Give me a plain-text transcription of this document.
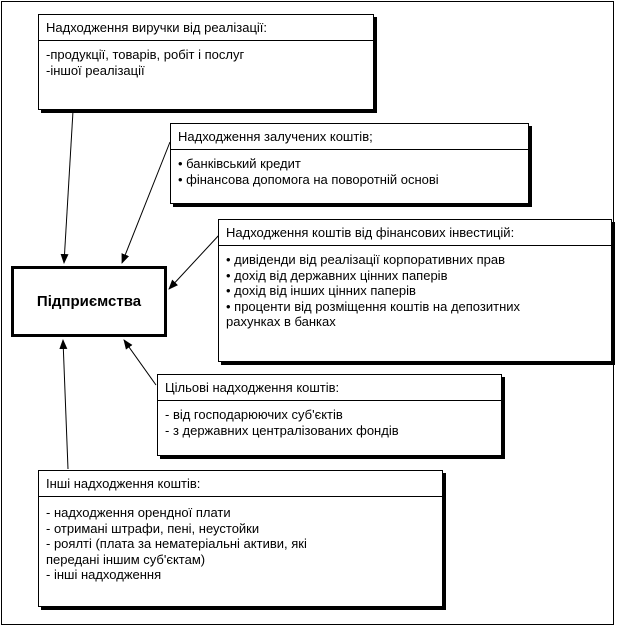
Підприємства
Надходження виручки від реалізації:
-продукції, товарів, робіт і послуг
-іншої реалізації
Надходження залучених коштів;
• банківський кредит
• фінансова допомога на поворотній основі
Надходження коштів від фінансових інвестицій:
• дивіденди від реалізації корпоративних прав
• дохід від державних цінних паперів
• дохід від інших цінних паперів
• проценти від розміщення коштів на депозитних
рахунках в банках
Цільові надходження коштів:
- від господарюючих суб'єктів
- з державних централізованих фондів
Інші надходження коштів:
- надходження орендної плати
- отримані штрафи, пені, неустойки
- роялті (плата за нематеріальні активи, які
передані іншим суб'єктам)
- інші надходження
